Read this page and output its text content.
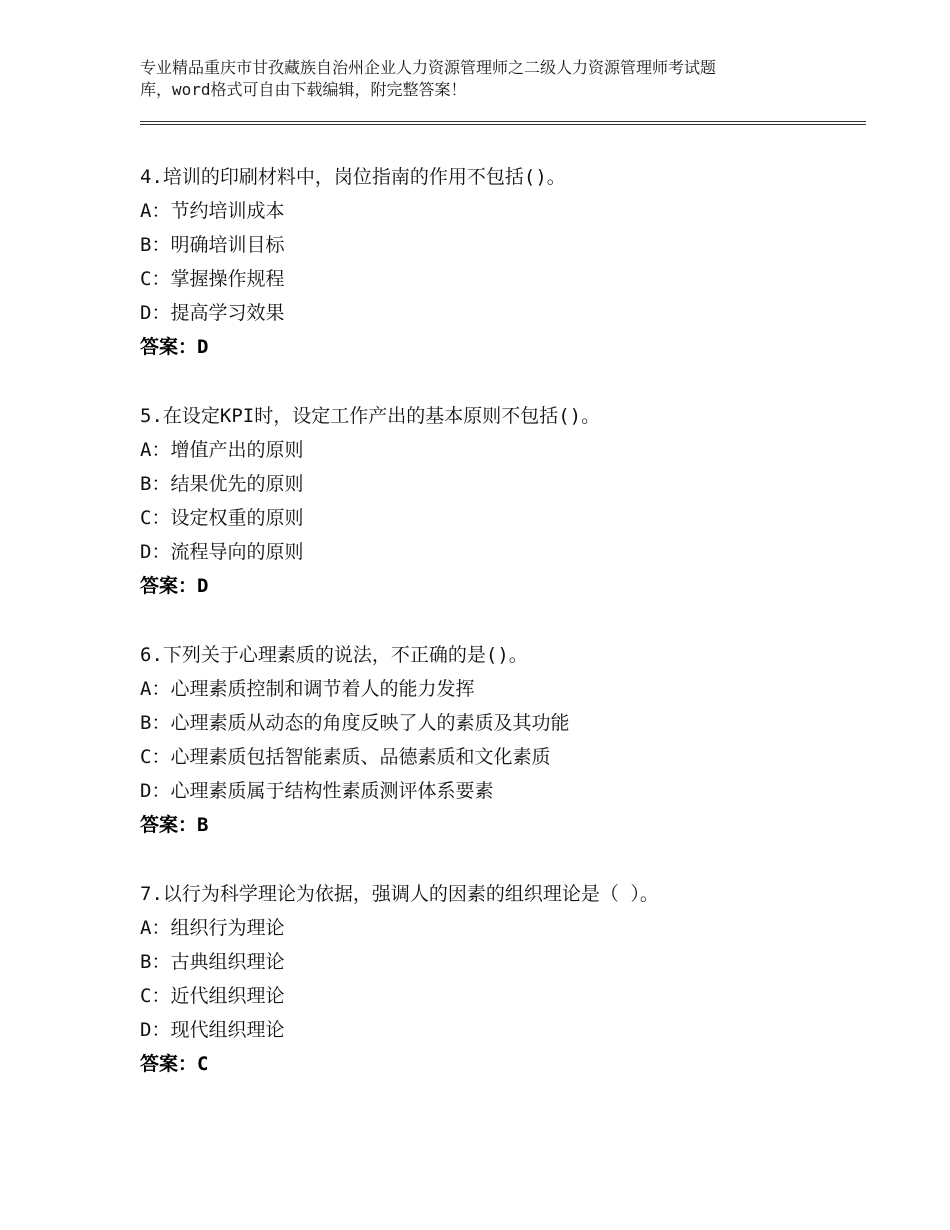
专业精品重庆市甘孜藏族自治州企业人力资源管理师之二级人力资源管理师考试题
库，word格式可自由下载编辑，附完整答案！
4.培训的印刷材料中，岗位指南的作用不包括()。
A：节约培训成本
B：明确培训目标
C：掌握操作规程
D：提高学习效果
答案：D
5.在设定KPI时，设定工作产出的基本原则不包括()。
A：增值产出的原则
B：结果优先的原则
C：设定权重的原则
D：流程导向的原则
答案：D
6.下列关于心理素质的说法，不正确的是()。
A：心理素质控制和调节着人的能力发挥
B：心理素质从动态的角度反映了人的素质及其功能
C：心理素质包括智能素质、品德素质和文化素质
D：心理素质属于结构性素质测评体系要素
答案：B
7.以行为科学理论为依据，强调人的因素的组织理论是（ ）。
A：组织行为理论
B：古典组织理论
C：近代组织理论
D：现代组织理论
答案：C
